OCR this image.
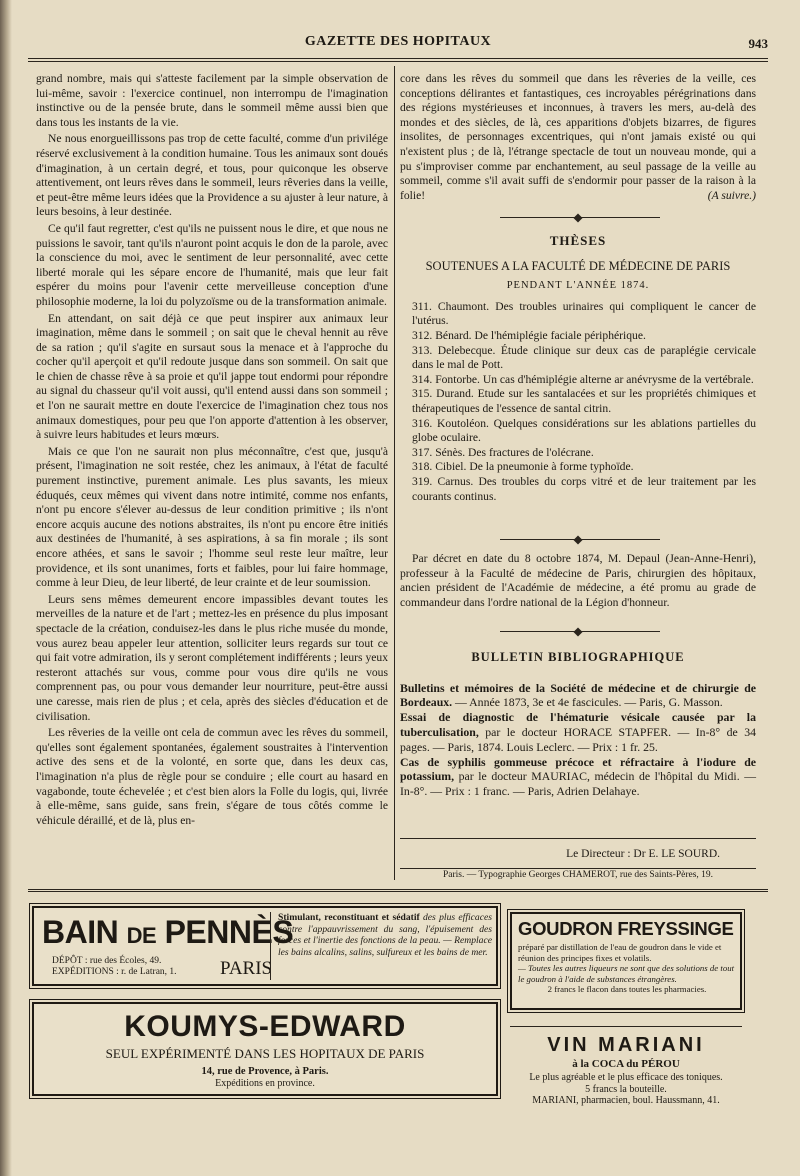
GAZETTE DES HOPITAUX	943

grand nombre, mais qui s'atteste facilement par la simple observation de lui-même, savoir : l'exercice continuel, non interrompu de l'imagination instinctive ou de la pensée brute, dans le sommeil même aussi bien que dans tous les instants de la vie.

Ne nous enorgueillissons pas trop de cette faculté, comme d'un privilége réservé exclusivement à la condition humaine. Tous les animaux sont doués d'imagination, à un certain degré, et tous, pour quiconque les observe attentivement, ont leurs rêves dans le sommeil, leurs rêveries dans la veille, et peut-être même leurs idées que la Providence a su ajuster à leur nature, à leurs besoins, à leur destinée.

Ce qu'il faut regretter, c'est qu'ils ne puissent nous le dire, et que nous ne puissions le savoir, tant qu'ils n'auront point acquis le don de la parole, avec la conscience du moi, avec le sentiment de leur personnalité, avec cette liberté morale qui les sépare encore de l'humanité, mais que leur fait espérer du moins pour l'avenir cette merveilleuse conception d'une philosophie moderne, la loi du polyzoïsme ou de la transformation animale.

En attendant, on sait déjà ce que peut inspirer aux animaux leur imagination, même dans le sommeil ; on sait que le cheval hennit au rêve de sa ration ; qu'il s'agite en sursaut sous la menace et à l'approche du cocher qu'il aperçoit et qu'il redoute jusque dans son sommeil. On sait que le chien de chasse rêve à sa proie et qu'il jappe tout endormi pour répondre au signal du chasseur qu'il voit aussi, qu'il entend aussi dans son sommeil ; et l'on ne saurait mettre en doute l'exercice de l'imagination chez tous nos animaux domestiques, pour peu que l'on apporte d'attention à les observer, à suivre leurs habitudes et leurs mœurs.

Mais ce que l'on ne saurait non plus méconnaître, c'est que, jusqu'à présent, l'imagination ne soit restée, chez les animaux, à l'état de faculté purement instinctive, purement animale. Les plus savants, les mieux éduqués, ceux mêmes qui vivent dans notre intimité, comme nos enfants, n'ont pu encore s'élever au-dessus de leur condition primitive ; ils n'ont encore acquis aucune des notions abstraites, ils n'ont pu encore être initiés aux destinées de l'humanité, à ses aspirations, à sa fin morale ; ils sont encore athées, et sans le savoir ; l'homme seul reste leur maître, leur providence, et ils sont unanimes, forts et faibles, pour lui faire hommage, comme à leur Dieu, de leur liberté, de leur crainte et de leur soumission.

Leurs sens mêmes demeurent encore impassibles devant toutes les merveilles de la nature et de l'art ; mettez-les en présence du plus imposant spectacle de la création, conduisez-les dans le plus riche musée du monde, vous aurez beau appeler leur attention, solliciter leurs regards sur tout ce qui fait votre admiration, ils y seront complétement indifférents ; leurs yeux resteront attachés sur vous, comme pour vous dire qu'ils ne vous comprennent pas, ou pour vous demander leur nourriture, peut-être aussi une caresse, mais rien de plus ; et cela, après des siècles d'éducation et de civilisation.

Les rêveries de la veille ont cela de commun avec les rêves du sommeil, qu'elles sont également spontanées, également soustraites à l'intervention active des sens et de la volonté, en sorte que, dans les deux cas, l'imagination n'a plus de règle pour se conduire ; elle court au hasard en vagabonde, toute échevelée ; et c'est bien alors la Folle du logis, qui, livrée à elle-même, sans guide, sans frein, s'égare de tous côtés comme le véhicule déraillé, et de là, plus en-

core dans les rêves du sommeil que dans les rêveries de la veille, ces conceptions délirantes et fantastiques, ces incroyables pérégrinations dans des régions mystérieuses et inconnues, à travers les mers, au-delà des mondes et des siècles, de là, ces apparitions d'objets bizarres, de figures insolites, de personnages excentriques, qui n'ont jamais existé ou qui n'existent plus ; de là, l'étrange spectacle de tout un nouveau monde, qui a pu s'improviser comme par enchantement, au seul passage de la veille au sommeil, comme s'il avait suffi de s'endormir pour passer de la raison à la folie!	(A suivre.)
THÈSES
SOUTENUES A LA FACULTÉ DE MÉDECINE DE PARIS
PENDANT L'ANNÉE 1874.

311. Chaumont. Des troubles urinaires qui compliquent le cancer de l'utérus.

312. Bénard. De l'hémiplégie faciale périphérique.

313. Delebecque. Étude clinique sur deux cas de paraplégie cervicale dans le mal de Pott.

314. Fontorbe. Un cas d'hémiplégie alterne ar anévrysme de la vertébrale.

315. Durand. Etude sur les santalacées et sur les propriétés chimiques et thérapeutiques de l'essence de santal citrin.

316. Koutoléon. Quelques considérations sur les ablations partielles du globe oculaire.

317. Sénès. Des fractures de l'olécrane.

318. Cibiel. De la pneumonie à forme typhoïde.

319. Carnus. Des troubles du corps vitré et de leur traitement par les courants continus.

Par décret en date du 8 octobre 1874, M. Depaul (Jean-Anne-Henri), professeur à la Faculté de médecine de Paris, chirurgien des hôpitaux, ancien président de l'Académie de médecine, a été promu au grade de commandeur dans l'ordre national de la Légion d'honneur.

BULLETIN BIBLIOGRAPHIQUE

Bulletins et mémoires de la Société de médecine et de chirurgie de Bordeaux. — Année 1873, 3e et 4e fascicules. — Paris, G. Masson.

Essai de diagnostic de l'hématurie vésicale causée par la tuberculisation, par le docteur HORACE STAPFER. — In-8° de 34 pages. — Paris, 1874. Louis Leclerc. — Prix : 1 fr. 25.

Cas de syphilis gommeuse précoce et réfractaire à l'iodure de potassium, par le docteur MAURIAC, médecin de l'hôpital du Midi. — In-8°. — Prix : 1 franc. — Paris, Adrien Delahaye.

Le Directeur : Dr E. LE SOURD.
Paris. — Typographie Georges CHAMEROT, rue des Saints-Pères, 19.
BAIN DE PENNÈS
DÉPÔT : rue des Écoles, 49.
EXPÉDITIONS : r. de Latran, 1. PARIS
Stimulant, reconstituant et sédatif des plus efficaces contre l'appauvrissement du sang, l'épuisement des forces et l'inertie des fonctions de la peau. — Remplace les bains alcalins, salins, sulfureux et les bains de mer.
GOUDRON FREYSSINGE
préparé par distillation de l'eau de goudron dans le vide et réunion des principes fixes et volatils.
— Toutes les autres liqueurs ne sont que des solutions de tout le goudron à l'aide de substances étrangères.
2 francs le flacon dans toutes les pharmacies.
KOUMYS-EDWARD
SEUL EXPÉRIMENTÉ DANS LES HOPITAUX DE PARIS
14, rue de Provence, à Paris.
Expéditions en province.
VIN MARIANI
à la COCA du PÉROU
Le plus agréable et le plus efficace des toniques.
5 francs la bouteille.
MARIANI, pharmacien, boul. Haussmann, 41.
